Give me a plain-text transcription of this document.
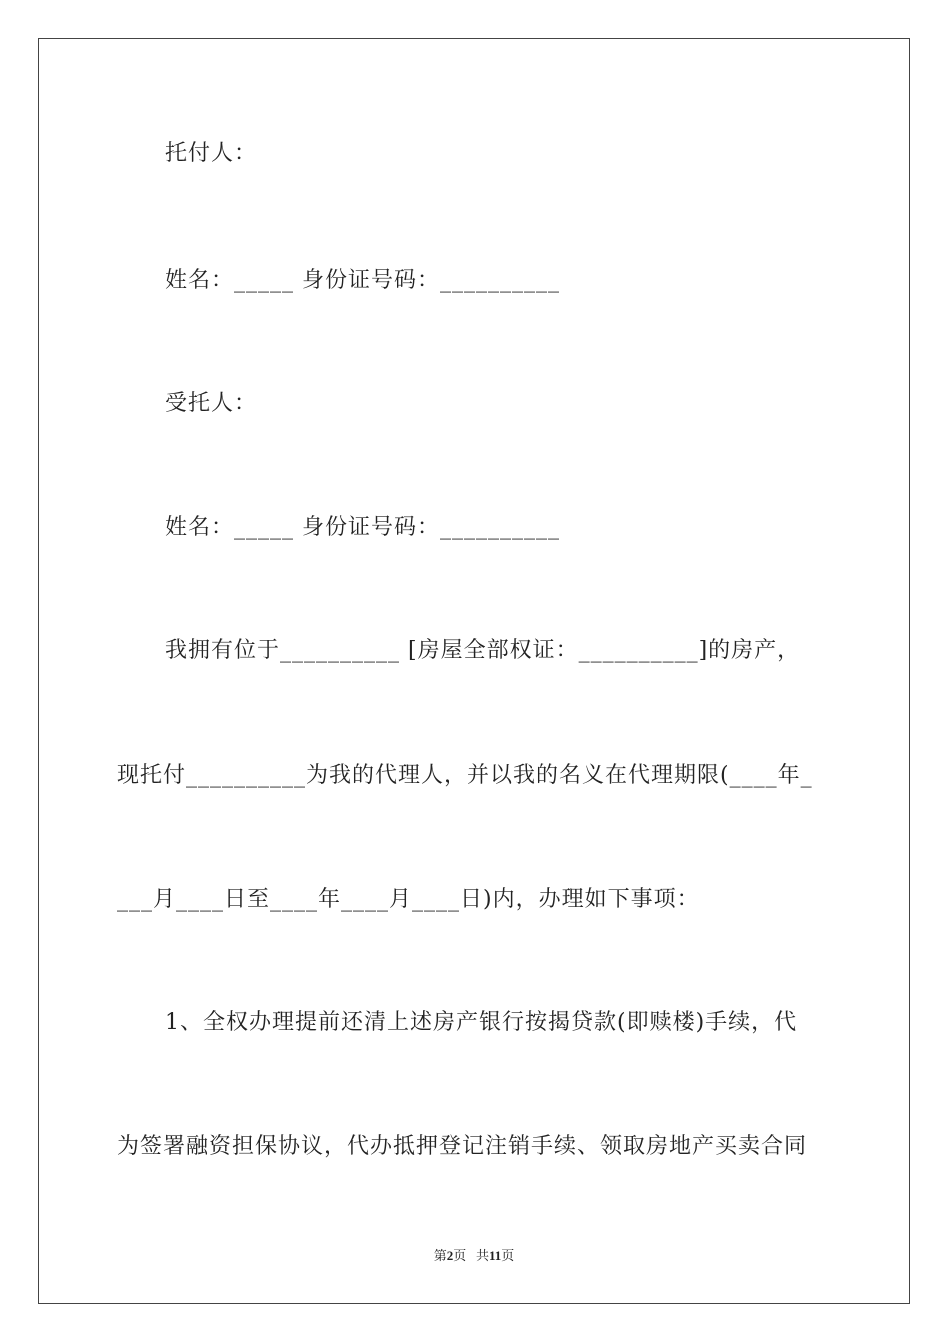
托付人：
姓名：_____ 身份证号码：__________
受托人：
姓名：_____ 身份证号码：__________
我拥有位于__________ [房屋全部权证：__________]的房产，
现托付__________为我的代理人，并以我的名义在代理期限(____年_
___月____日至____年____月____日)内，办理如下事项：
1、全权办理提前还清上述房产银行按揭贷款(即赎楼)手续，代
为签署融资担保协议，代办抵押登记注销手续、领取房地产买卖合同
第2页 共11页
